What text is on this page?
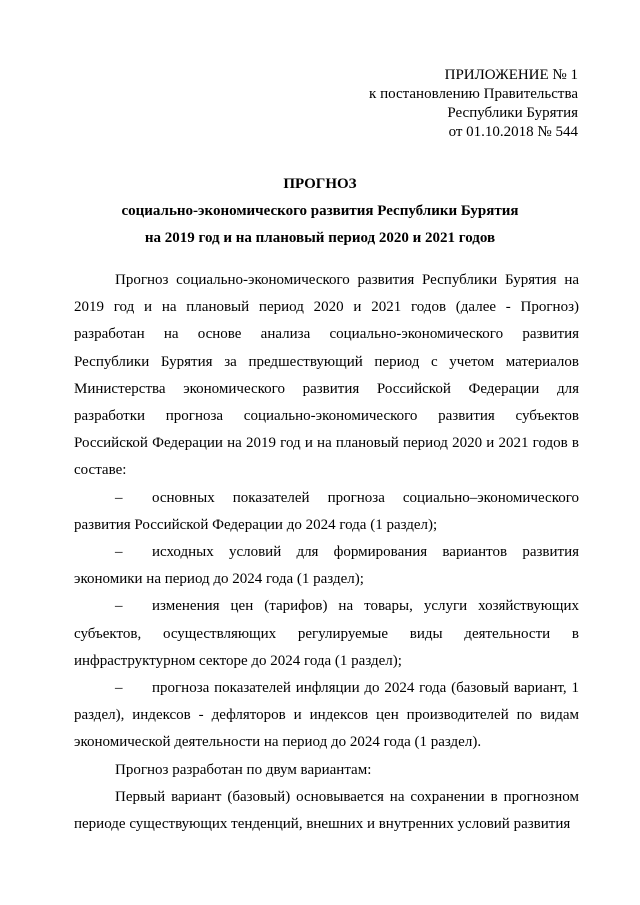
ПРИЛОЖЕНИЕ № 1
к постановлению Правительства
Республики Бурятия
от 01.10.2018 № 544
ПРОГНОЗ
социально-экономического развития Республики Бурятия
на 2019 год и на плановый период 2020 и 2021 годов

Прогноз социально-экономического развития Республики Бурятия на 2019 год и на плановый период 2020 и 2021 годов (далее - Прогноз) разработан на основе анализа социально-экономического развития Республики Бурятия за предшествующий период с учетом материалов Министерства экономического развития Российской Федерации для разработки прогноза социально-экономического развития субъектов Российской Федерации на 2019 год и на плановый период 2020 и 2021 годов в составе:

– основных показателей прогноза социально–экономического развития Российской Федерации до 2024 года (1 раздел);

– исходных условий для формирования вариантов развития экономики на период до 2024 года (1 раздел);

– изменения цен (тарифов) на товары, услуги хозяйствующих субъектов, осуществляющих регулируемые виды деятельности в инфраструктурном секторе до 2024 года (1 раздел);

– прогноза показателей инфляции до 2024 года (базовый вариант, 1 раздел), индексов - дефляторов и индексов цен производителей по видам экономической деятельности на период до 2024 года (1 раздел).

Прогноз разработан по двум вариантам:

Первый вариант (базовый) основывается на сохранении в прогнозном периоде существующих тенденций, внешних и внутренних условий развития
